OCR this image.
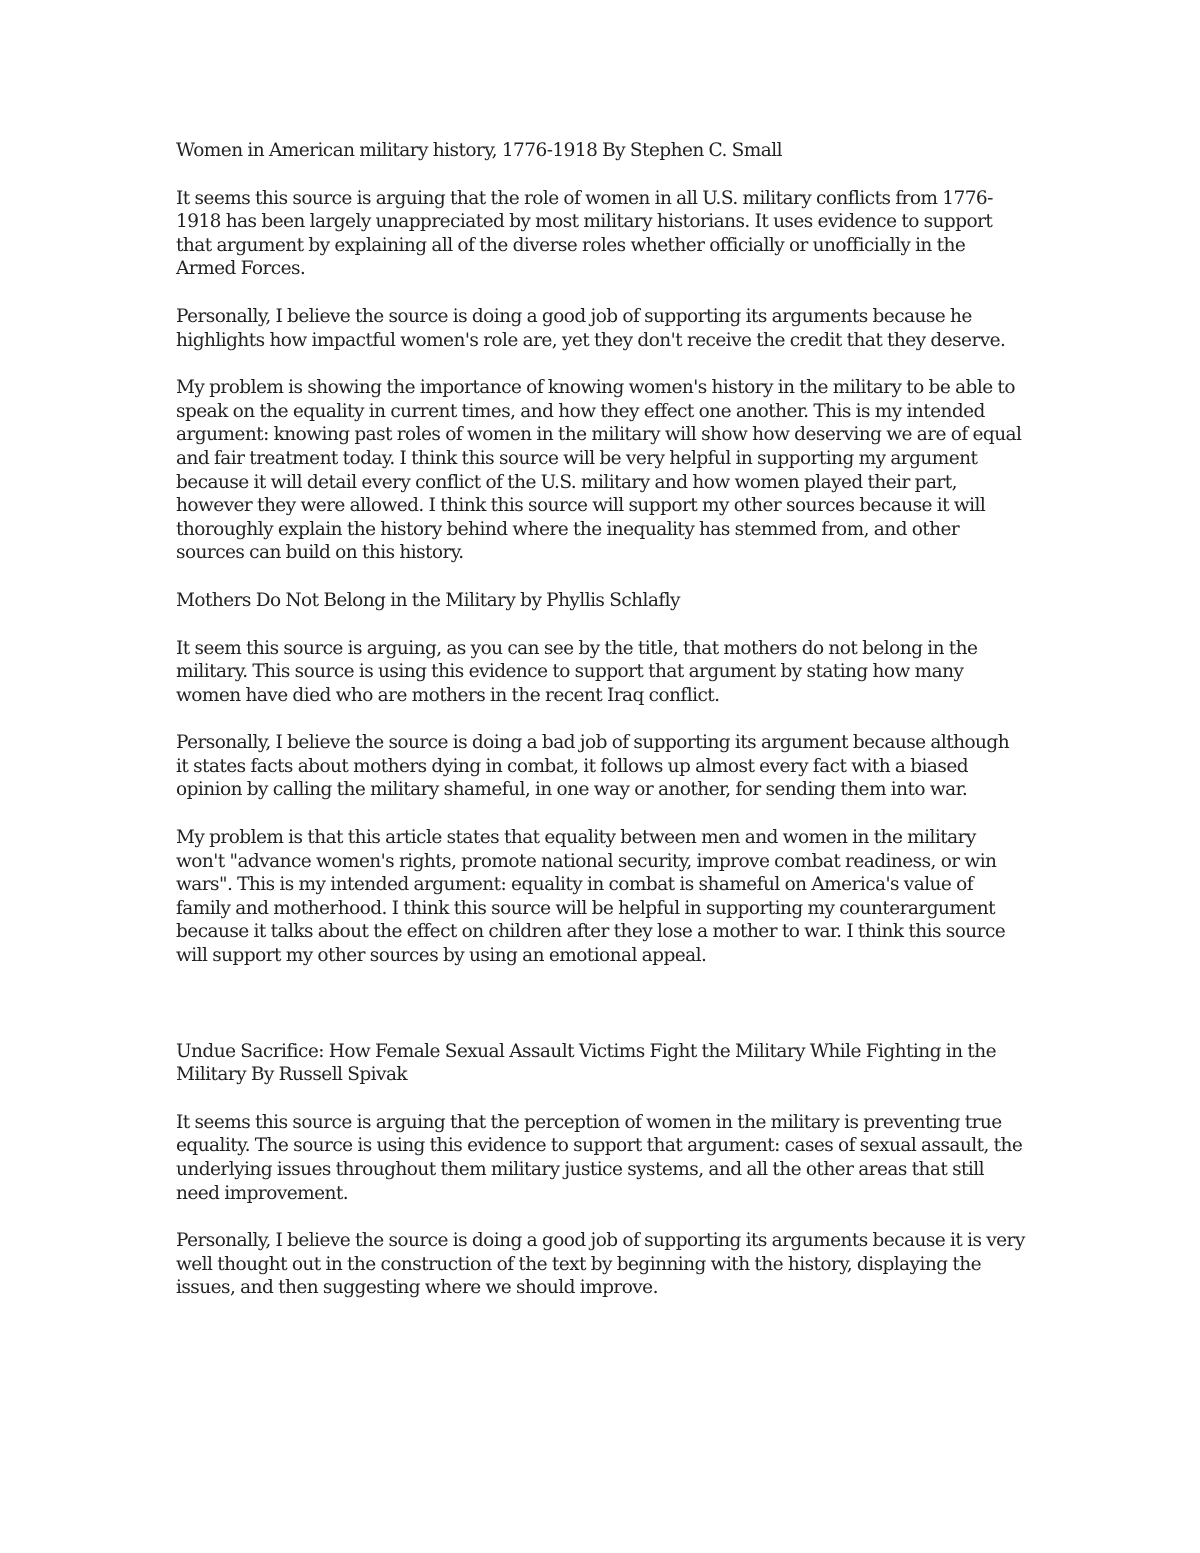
Women in American military history, 1776-1918 By Stephen C. Small
It seems this source is arguing that the role of women in all U.S. military conflicts from 1776-1918 has been largely unappreciated by most military historians. It uses evidence to support that argument by explaining all of the diverse roles whether officially or unofficially in the Armed Forces.
Personally, I believe the source is doing a good job of supporting its arguments because he highlights how impactful women's role are, yet they don't receive the credit that they deserve.
My problem is showing the importance of knowing women's history in the military to be able to speak on the equality in current times, and how they effect one another. This is my intended argument: knowing past roles of women in the military will show how deserving we are of equal and fair treatment today. I think this source will be very helpful in supporting my argument because it will detail every conflict of the U.S. military and how women played their part, however they were allowed. I think this source will support my other sources because it will thoroughly explain the history behind where the inequality has stemmed from, and other sources can build on this history.
Mothers Do Not Belong in the Military by Phyllis Schlafly
It seem this source is arguing, as you can see by the title, that mothers do not belong in the military. This source is using this evidence to support that argument by stating how many women have died who are mothers in the recent Iraq conflict.
Personally, I believe the source is doing a bad job of supporting its argument because although it states facts about mothers dying in combat, it follows up almost every fact with a biased opinion by calling the military shameful, in one way or another, for sending them into war.
My problem is that this article states that equality between men and women in the military won't "advance women's rights, promote national security, improve combat readiness, or win wars". This is my intended argument: equality in combat is shameful on America's value of family and motherhood. I think this source will be helpful in supporting my counterargument because it talks about the effect on children after they lose a mother to war. I think this source will support my other sources by using an emotional appeal.
Undue Sacrifice: How Female Sexual Assault Victims Fight the Military While Fighting in the Military By Russell Spivak
It seems this source is arguing that the perception of women in the military is preventing true equality. The source is using this evidence to support that argument: cases of sexual assault, the underlying issues throughout them military justice systems, and all the other areas that still need improvement.
Personally, I believe the source is doing a good job of supporting its arguments because it is very well thought out in the construction of the text by beginning with the history, displaying the issues, and then suggesting where we should improve.
